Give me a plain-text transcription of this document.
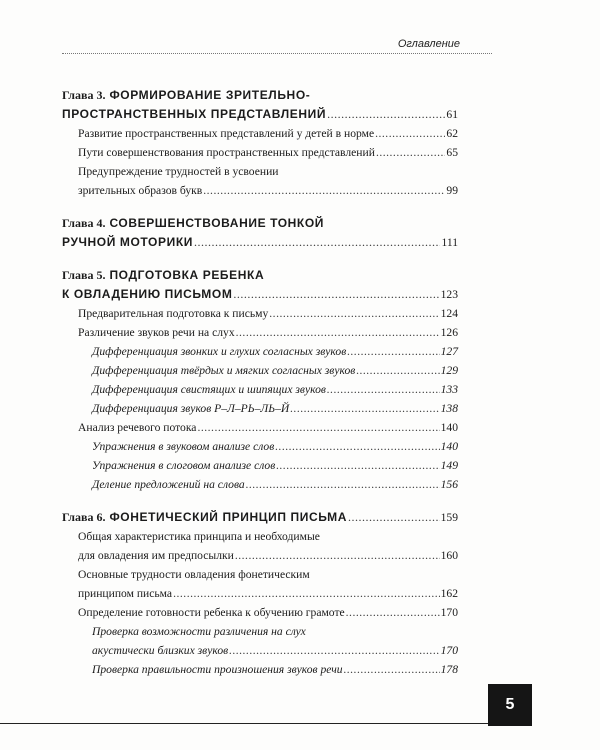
Оглавление
Глава 3. ФОРМИРОВАНИЕ ЗРИТЕЛЬНО-
ПРОСТРАНСТВЕННЫХ ПРЕДСТАВЛЕНИЙ .....	61
Развитие пространственных представлений у детей в норме .....	62
Пути совершенствования пространственных представлений .....	65
Предупреждение трудностей в усвоении
зрительных образов букв .....	99
Глава 4. СОВЕРШЕНСТВОВАНИЕ ТОНКОЙ
РУЧНОЙ МОТОРИКИ .....	111
Глава 5. ПОДГОТОВКА РЕБЕНКА
К ОВЛАДЕНИЮ ПИСЬМОМ .....	123
Предварительная подготовка к письму .....	124
Различение звуков речи на слух .....	126
Дифференциация звонких и глухих согласных звуков .....	127
Дифференциация твёрдых и мягких согласных звуков .....	129
Дифференциация свистящих и шипящих звуков .....	133
Дифференциация звуков Р–Л–РЬ–ЛЬ–Й .....	138
Анализ речевого потока .....	140
Упражнения в звуковом анализе слов .....	140
Упражнения в слоговом анализе слов .....	149
Деление предложений на слова .....	156
Глава 6. ФОНЕТИЧЕСКИЙ ПРИНЦИП ПИСЬМА .....	159
Общая характеристика принципа и необходимые
для овладения им предпосылки .....	160
Основные трудности овладения фонетическим
принципом письма .....	162
Определение готовности ребенка к обучению грамоте .....	170
Проверка возможности различения на слух
акустически близких звуков .....	170
Проверка правильности произношения звуков речи .....	178
5
